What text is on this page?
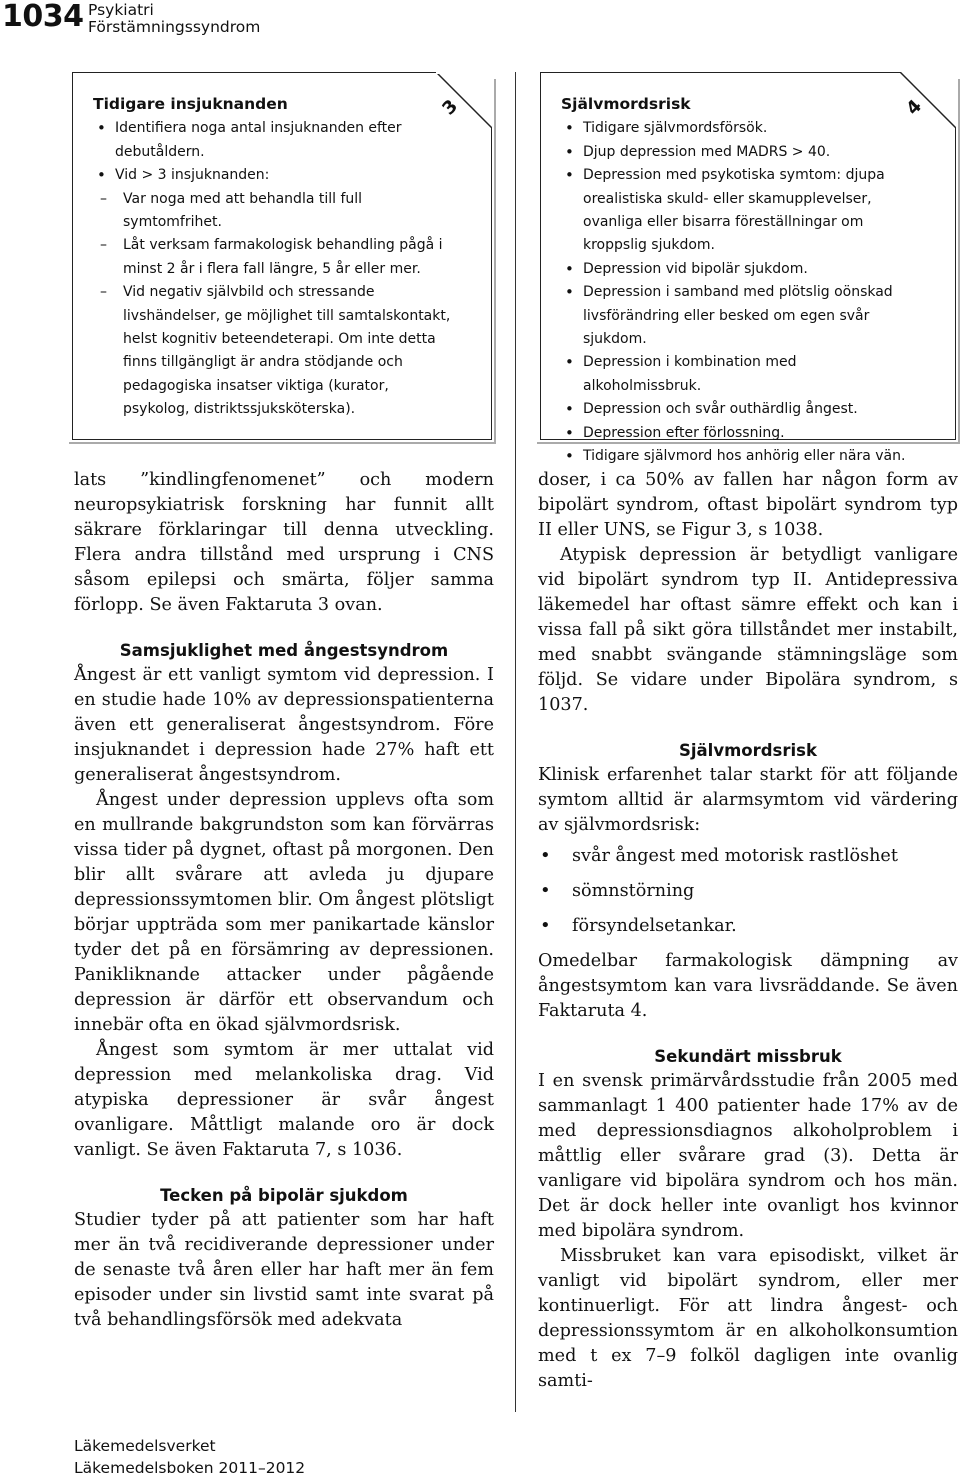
1034 Psykiatri
Förstämningssyndrom
3
Tidigare insjuknanden
• Identifiera noga antal insjuknanden efter debutåldern.
• Vid > 3 insjuknanden:
– Var noga med att behandla till full symtomfrihet.
– Låt verksam farmakologisk behandling pågå i minst 2 år i flera fall längre, 5 år eller mer.
– Vid negativ självbild och stressande livshändelser, ge möjlighet till samtalskontakt, helst kognitiv beteendeterapi. Om inte detta finns tillgängligt är andra stödjande och pedagogiska insatser viktiga (kurator, psykolog, distriktssjuksköterska).
4
Självmordsrisk
• Tidigare självmordsförsök.
• Djup depression med MADRS > 40.
• Depression med psykotiska symtom: djupa orealistiska skuld- eller skamupplevelser, ovanliga eller bisarra föreställningar om kroppslig sjukdom.
• Depression vid bipolär sjukdom.
• Depression i samband med plötslig oönskad livsförändring eller besked om egen svår sjukdom.
• Depression i kombination med alkoholmissbruk.
• Depression och svår outhärdlig ångest.
• Depression efter förlossning.
• Tidigare självmord hos anhörig eller nära vän.

lats ”kindlingfenomenet” och modern neuropsykiatrisk forskning har funnit allt säkrare förklaringar till denna utveckling. Flera andra tillstånd med ursprung i CNS såsom epilepsi och smärta, följer samma förlopp. Se även Faktaruta 3 ovan.

Samsjuklighet med ångestsyndrom

Ångest är ett vanligt symtom vid depression. I en studie hade 10% av depressionspatienterna även ett generaliserat ångestsyndrom. Före insjuknandet i depression hade 27% haft ett generaliserat ångestsyndrom.

Ångest under depression upplevs ofta som en mullrande bakgrundston som kan förvärras vissa tider på dygnet, oftast på morgonen. Den blir allt svårare att avleda ju djupare depressionssymtomen blir. Om ångest plötsligt börjar uppträda som mer panikartade känslor tyder det på en försämring av depressionen. Panikliknande attacker under pågående depression är därför ett observandum och innebär ofta en ökad självmordsrisk.

Ångest som symtom är mer uttalat vid depression med melankoliska drag. Vid atypiska depressioner är svår ångest ovanligare. Måttligt malande oro är dock vanligt. Se även Faktaruta 7, s 1036.

Tecken på bipolär sjukdom

Studier tyder på att patienter som har haft mer än två recidiverande depressioner under de senaste två åren eller har haft mer än fem episoder under sin livstid samt inte svarat på två behandlingsförsök med adekvata

doser, i ca 50% av fallen har någon form av bipolärt syndrom, oftast bipolärt syndrom typ II eller UNS, se Figur 3, s 1038.

Atypisk depression är betydligt vanligare vid bipolärt syndrom typ II. Antidepressiva läkemedel har oftast sämre effekt och kan i vissa fall på sikt göra tillståndet mer instabilt, med snabbt svängande stämningsläge som följd. Se vidare under Bipolära syndrom, s 1037.

Självmordsrisk

Klinisk erfarenhet talar starkt för att följande symtom alltid är alarmsymtom vid värdering av självmordsrisk:

• svår ångest med motorisk rastlöshet
• sömnstörning
• försyndelsetankar.

Omedelbar farmakologisk dämpning av ångestsymtom kan vara livsräddande. Se även Faktaruta 4.

Sekundärt missbruk

I en svensk primärvårdsstudie från 2005 med sammanlagt 1 400 patienter hade 17% av de med depressionsdiagnos alkoholproblem i måttlig eller svårare grad (3). Detta är vanligare vid bipolära syndrom och hos män. Det är dock heller inte ovanligt hos kvinnor med bipolära syndrom.

Missbruket kan vara episodiskt, vilket är vanligt vid bipolärt syndrom, eller mer kontinuerligt. För att lindra ångest- och depressionssymtom är en alkoholkonsumtion med t ex 7–9 folköl dagligen inte ovanlig samti-

Läkemedelsverket
Läkemedelsboken 2011–2012
